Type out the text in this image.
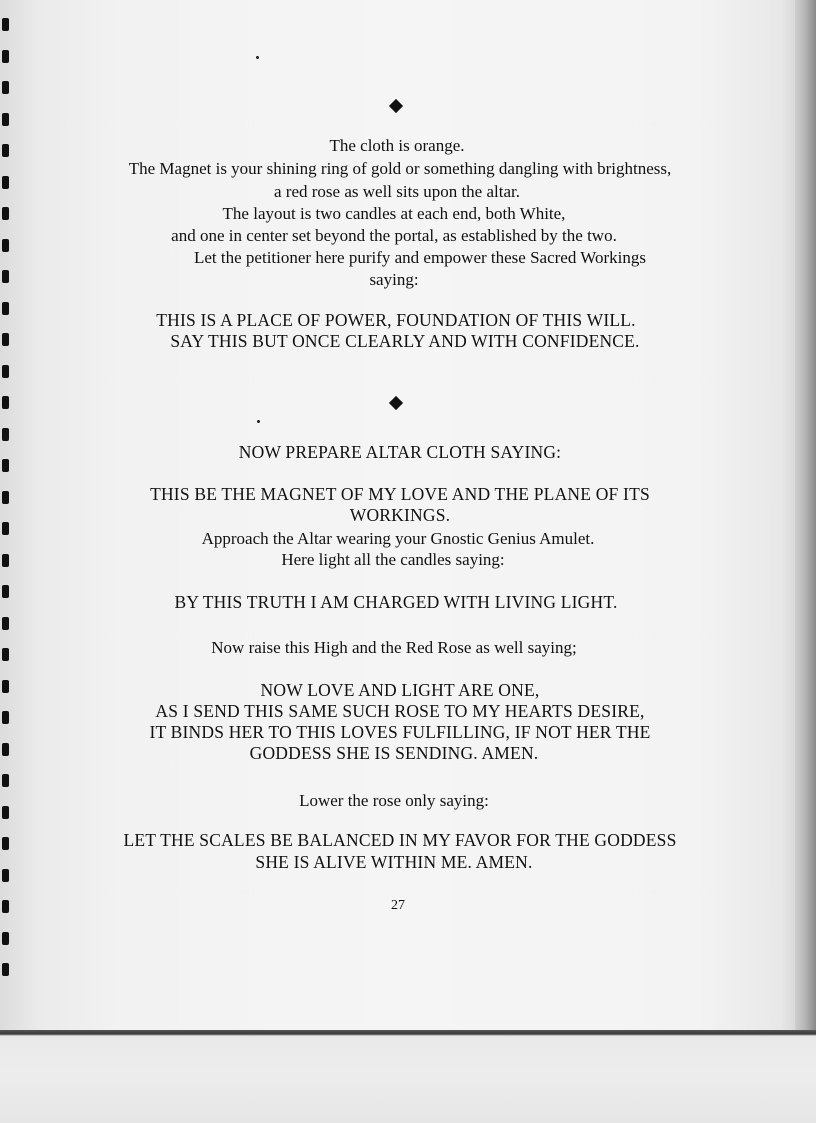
The cloth is orange.
The Magnet is your shining ring of gold or something dangling with brightness,
a red rose as well sits upon the altar.
The layout is two candles at each end, both White,
and one in center set beyond the portal, as established by the two.
Let the petitioner here purify and empower these Sacred Workings
saying:
THIS IS A PLACE OF POWER, FOUNDATION OF THIS WILL.
SAY THIS BUT ONCE CLEARLY AND WITH CONFIDENCE.
NOW PREPARE ALTAR CLOTH SAYING:
THIS BE THE MAGNET OF MY LOVE AND THE PLANE OF ITS
WORKINGS.
Approach the Altar wearing your Gnostic Genius Amulet.
Here light all the candles saying:
BY THIS TRUTH I AM CHARGED WITH LIVING LIGHT.
Now raise this High and the Red Rose as well saying;
NOW LOVE AND LIGHT ARE ONE,
AS I SEND THIS SAME SUCH ROSE TO MY HEARTS DESIRE,
IT BINDS HER TO THIS LOVES FULFILLING, IF NOT HER THE
GODDESS SHE IS SENDING. AMEN.
Lower the rose only saying:
LET THE SCALES BE BALANCED IN MY FAVOR FOR THE GODDESS
SHE IS ALIVE WITHIN ME. AMEN.
27
